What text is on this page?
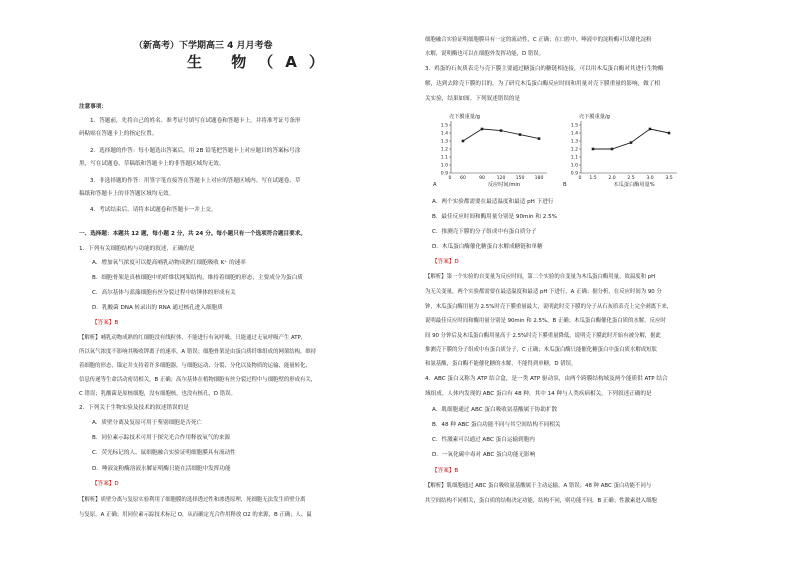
（新高考）下学期高三 4 月月考卷
生 物（A）
注意事项：
1．答题前，先将自己的姓名、准考证号填写在试题卷和答题卡上，并将准考证号条形
码粘贴在答题卡上的指定位置。
2．选择题的作答：每小题选出答案后，用 2B 铅笔把答题卡上对应题目的答案标号涂
黑，写在试题卷、草稿纸和答题卡上的非答题区域均无效。
3．非选择题的作答：用签字笔直接答在答题卡上对应的答题区域内。写在试题卷、草
稿纸和答题卡上的非答题区域均无效。
4．考试结束后，请将本试题卷和答题卡一并上交。
一、选择题：本题共 12 题，每小题 2 分，共 24 分。每小题只有一个选项符合题目要求。
1．下列有关细胞结构与功能的叙述，正确的是
A．增加氧气浓度可以提高哺乳动物成熟红细胞吸收 K⁺ 的速率
B．细胞骨架是真核细胞中的纤维状网架结构，维持着细胞的形态，主要成分为蛋白质
C．高尔基体与蓝藻细胞有丝分裂过程中纺锤体的形成有关
D．乳酸菌 DNA 转录出的 RNA 通过核孔进入细胞质
【答案】B
【解析】哺乳动物成熟的红细胞没有线粒体，不能进行有氧呼吸，只能通过无氧呼吸产生 ATP，
所以氧气浓度不影响其吸收钾离子的速率，A 错误；细胞骨架是由蛋白质纤维组成的网架结构，维持
着细胞的形态，锚定并支持着许多细胞器，与细胞运动、分裂、分化以及物质的运输、能量转化、
信息传递等生命活动密切相关，B 正确；高尔基体在植物细胞有丝分裂过程中与细胞壁的形成有关，
C 错误；乳酸菌是原核细胞，没有细胞核，也没有核孔，D 错误。
2．下列关于生物实验及技术的叙述错误的是
A．质壁分离及复原可用于鉴别细胞是否死亡
B．同位素示踪技术可用于探究光合作用释放氧气的来源
C．荧光标记的人、鼠细胞融合实验证明细胞膜具有流动性
D．唾液淀粉酶溶液水解证明酶只能在活细胞中发挥功能
【答案】D
【解析】质壁分离与复原实验利用了细胞膜的选择透过性和渗透原理，死细胞无法发生质壁分离
与复原，A 正确；用同位素示踪技术标记 O，从而确定光合作用释放 O2 的来源，B 正确；人、鼠
细胞融合实验证明细胞膜具有一定的流动性，C 正确；在口腔中，唾液中的淀粉酶可以催化淀粉
水解，说明酶也可以在细胞外发挥功能，D 错误。
3．鸡蛋的石灰质表壳与壳下膜主要通过糖蛋白的糖链相连接，可以用木瓜蛋白酶对其进行生物酶
解，达到去除壳下膜的目的。为了研究木瓜蛋白酶反应时间和用量对壳下膜重量的影响，做了相
关实验，结果如图。下列叙述错误的是
壳下膜重量/g
1.5
1.4
1.3
1.2
1.1
1.0
0.9
0 60	90	120 150 180
反应时间/min
A
壳下膜重量/g
1.5
1.4
1.3
1.2
1.1
1.0
0.9
0 1.5	2.0	2.5	3.0	3.5
木瓜蛋白酶用量%
B
A．两个实验都需要在最适温度和最适 pH 下进行
B．最佳反应时间和酶用量分别是 90min 和 2.5%
C．推测壳下膜的分子组成中有蛋白质分子
D．木瓜蛋白酶催化糖蛋白水解成糖链和单糖
【答案】D
【解析】第一个实验的自变量为反应时间，第二个实验的自变量为木瓜蛋白酶用量，故温度和 pH
为无关变量，两个实验都需要在最适温度和最适 pH 下进行，A 正确；据分析，在反应时间为 90 分
钟，木瓜蛋白酶用量为 2.5%时壳下膜重量最大，说明此时壳下膜的分子从石灰质表壳上完全剥离下来，
说明最佳反应时间和酶用量分别是 90min 和 2.5%，B 正确；木瓜蛋白酶催化蛋白质的水解，反应时
间 90 分钟后及木瓜蛋白酶用量高于 2.5%时壳下膜重量降低，说明壳下膜此时开始有被分解，据此
推测壳下膜的分子组成中有蛋白质分子，C 正确；木瓜蛋白酶只能催化糖蛋白中蛋白质水解成短肽
和氨基酸，蛋白酶不能催化糖的水解，不能得到单糖，D 错误。
4．ABC 蛋白又称为 ATP 结合盒，是一类 ATP 驱动泵，由两个跨膜结构域及两个能质供 ATP 结合
域组成。人体内发现的 ABC 蛋白有 48 种，其中 14 种与人类疾病相关。下列叙述正确的是
A．肌细胞通过 ABC 蛋白吸收氨基酸属于协助扩散
B．48 种 ABC 蛋白功能不同与其空间结构不同相关
C．性激素可以通过 ABC 蛋白运输到胞内
D．一氧化碳中毒对 ABC 蛋白功能无影响
【答案】B
【解析】肌细胞通过 ABC 蛋白吸收氨基酸属于主动运输，A 错误；48 种 ABC 蛋白功能不同与
其空间结构不同相关，蛋白质的结构决定功能，结构不同，则功能不同，B 正确；性激素进入细胞
